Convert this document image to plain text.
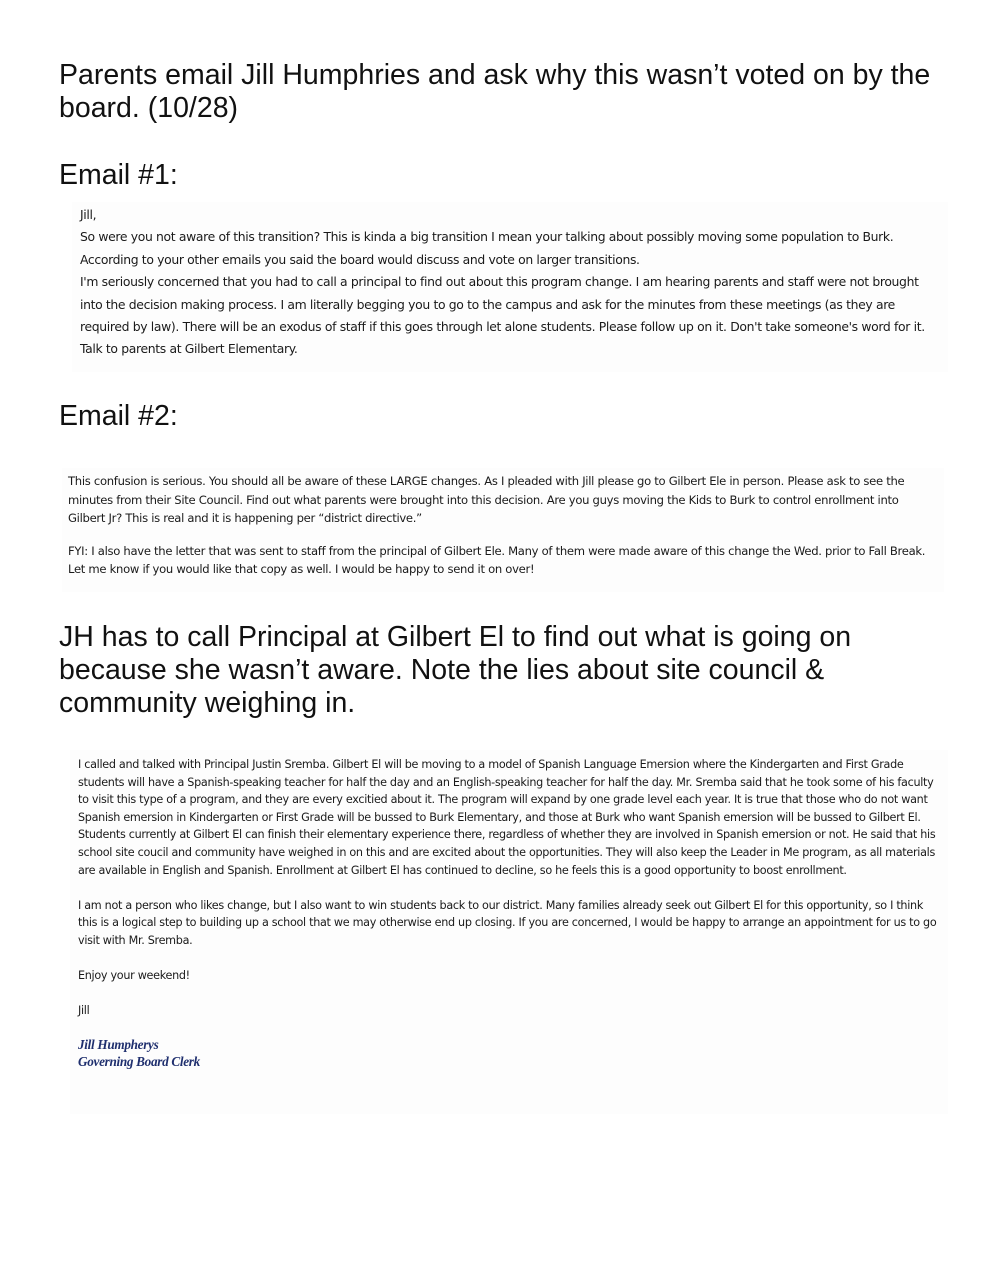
Parents email Jill Humphries and ask why this wasn’t voted on by the board. (10/28)
Email #1:

Jill,

So were you not aware of this transition? This is kinda a big transition I mean your talking about possibly moving some population to Burk.

According to your other emails you said the board would discuss and vote on larger transitions.

I'm seriously concerned that you had to call a principal to find out about this program change. I am hearing parents and staff were not brought into the decision making process. I am literally begging you to go to the campus and ask for the minutes from these meetings (as they are required by law). There will be an exodus of staff if this goes through let alone students. Please follow up on it. Don't take someone's word for it. Talk to parents at Gilbert Elementary.

Email #2:

This confusion is serious. You should all be aware of these LARGE changes. As I pleaded with Jill please go to Gilbert Ele in person. Please ask to see the minutes from their Site Council. Find out what parents were brought into this decision. Are you guys moving the Kids to Burk to control enrollment into Gilbert Jr? This is real and it is happening per “district directive.”

FYI: I also have the letter that was sent to staff from the principal of Gilbert Ele. Many of them were made aware of this change the Wed. prior to Fall Break. Let me know if you would like that copy as well. I would be happy to send it on over!

JH has to call Principal at Gilbert El to find out what is going on because she wasn’t aware. Note the lies about site council & community weighing in.

I called and talked with Principal Justin Sremba. Gilbert El will be moving to a model of Spanish Language Emersion where the Kindergarten and First Grade students will have a Spanish-speaking teacher for half the day and an English-speaking teacher for half the day. Mr. Sremba said that he took some of his faculty to visit this type of a program, and they are every excitied about it. The program will expand by one grade level each year. It is true that those who do not want Spanish emersion in Kindergarten or First Grade will be bussed to Burk Elementary, and those at Burk who want Spanish emersion will be bussed to Gilbert El. Students currently at Gilbert El can finish their elementary experience there, regardless of whether they are involved in Spanish emersion or not. He said that his school site coucil and community have weighed in on this and are excited about the opportunities. They will also keep the Leader in Me program, as all materials are available in English and Spanish. Enrollment at Gilbert El has continued to decline, so he feels this is a good opportunity to boost enrollment.

I am not a person who likes change, but I also want to win students back to our district. Many families already seek out Gilbert El for this opportunity, so I think this is a logical step to building up a school that we may otherwise end up closing. If you are concerned, I would be happy to arrange an appointment for us to go visit with Mr. Sremba.

Enjoy your weekend!

Jill

Jill Humpherys

Governing Board Clerk
